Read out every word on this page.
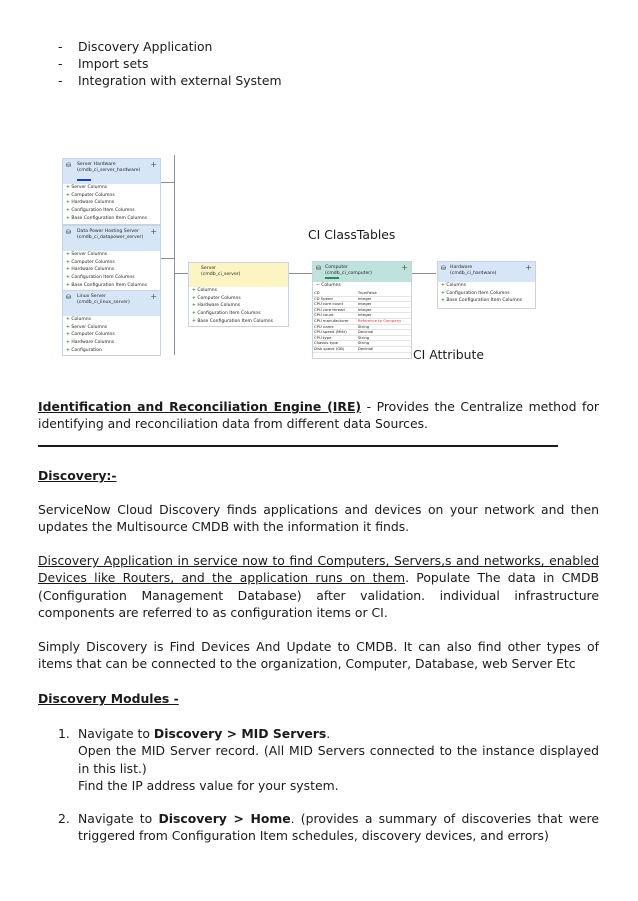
- Discovery Application
- Import sets
- Integration with external System
⛁ Server Hardware
(cmdb_ci_server_hardware)
+
+ Server Columns
+ Computer Columns
+ Hardware Columns
+ Configuration Item Columns
+ Base Configuration Item Columns
⛁ Data Power Hosting Server
(cmdb_ci_datapower_server)
+
+ Server Columns
+ Computer Columns
+ Hardware Columns
+ Configuration Item Columns
+ Base Configuration Item Columns
⛁ Linux Server
(cmdb_ci_linux_server)
+
+ Columns
+ Server Columns
+ Computer Columns
+ Hardware Columns
+ Configuration
Server
(cmdb_ci_server)
+ Columns
+ Computer Columns
+ Hardware Columns
+ Configuration Item Columns
+ Base Configuration Item Columns
⛁ Computer
(cmdb_ci_computer)
+
− Columns
CD	True/False
CD Speed	Integer
CPU core count	Integer
CPU core thread	Integer
CPU count	Integer
CPU manufacturer	Reference to Company
CPU name	String
CPU speed (MHz)	Decimal
CPU type	String
Chassis type	String
Disk space (GB)	Decimal
⛁ Hardware
(cmdb_ci_hardware)
+
+ Columns
+ Configuration Item Columns
+ Base Configuration Item Columns
CI ClassTables
CI Attribute
Identification and Reconciliation Engine (IRE) - Provides the Centralize method for identifying and reconciliation data from different data Sources.
Discovery:-
ServiceNow Cloud Discovery finds applications and devices on your network and then updates the Multisource CMDB with the information it finds.
Discovery Application in service now to find Computers, Servers,s and networks, enabled Devices like Routers, and the application runs on them. Populate The data in CMDB (Configuration Management Database) after validation. individual infrastructure components are referred to as configuration items or CI.
Simply Discovery is Find Devices And Update to CMDB. It can also find other types of items that can be connected to the organization, Computer, Database, web Server Etc
Discovery Modules -
1. Navigate to Discovery > MID Servers.
Open the MID Server record. (All MID Servers connected to the instance displayed in this list.)
Find the IP address value for your system.
2. Navigate to Discovery > Home. (provides a summary of discoveries that were triggered from Configuration Item schedules, discovery devices, and errors)
